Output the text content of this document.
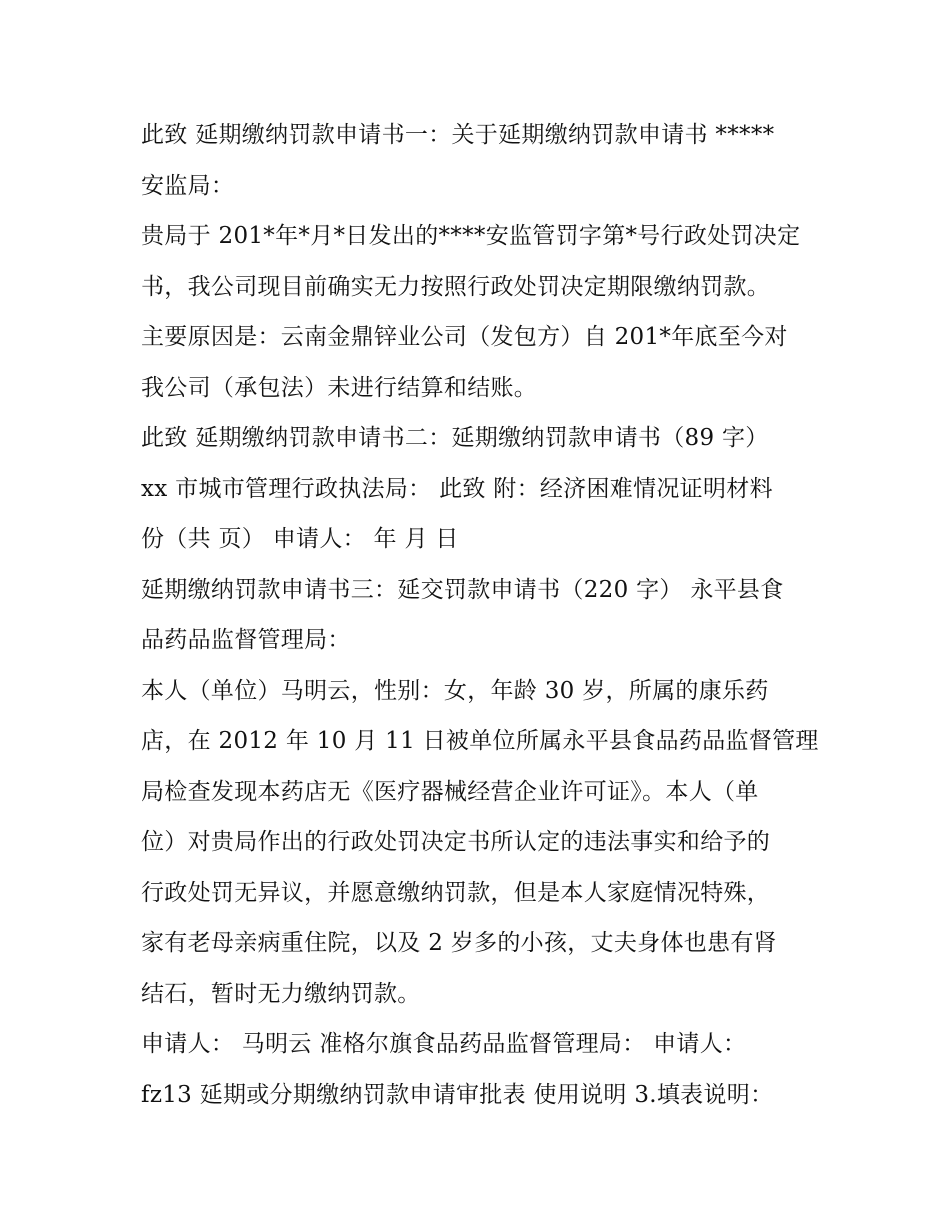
此致 延期缴纳罚款申请书一：关于延期缴纳罚款申请书 *****
安监局：
贵局于 201*年*月*日发出的****安监管罚字第*号行政处罚决定
书，我公司现目前确实无力按照行政处罚决定期限缴纳罚款。
主要原因是：云南金鼎锌业公司（发包方）自 201*年底至今对
我公司（承包法）未进行结算和结账。
此致 延期缴纳罚款申请书二：延期缴纳罚款申请书（89 字）
xx 市城市管理行政执法局： 此致 附：经济困难情况证明材料
份（共 页） 申请人： 年 月 日
延期缴纳罚款申请书三：延交罚款申请书（220 字） 永平县食
品药品监督管理局：
本人（单位）马明云，性别：女，年龄 30 岁，所属的康乐药
店，在 2012 年 10 月 11 日被单位所属永平县食品药品监督管理
局检查发现本药店无《医疗器械经营企业许可证》。本人（单
位）对贵局作出的行政处罚决定书所认定的违法事实和给予的
行政处罚无异议，并愿意缴纳罚款，但是本人家庭情况特殊，
家有老母亲病重住院，以及 2 岁多的小孩，丈夫身体也患有肾
结石，暂时无力缴纳罚款。
申请人： 马明云 准格尔旗食品药品监督管理局： 申请人：
fz13 延期或分期缴纳罚款申请审批表 使用说明 3.填表说明：
